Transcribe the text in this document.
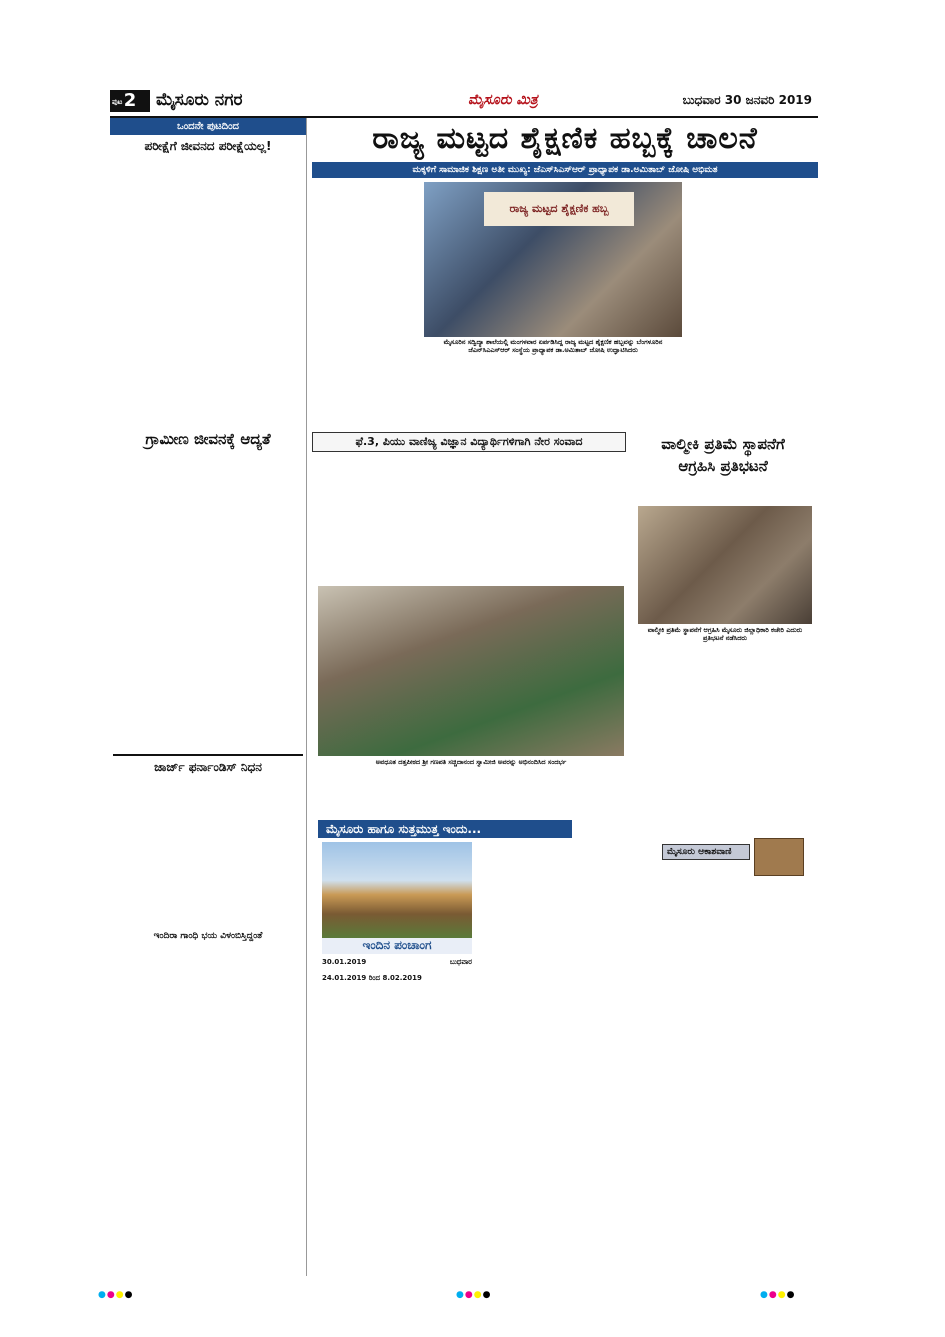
ಪುಟ 2	ಮೈಸೂರು ನಗರ	ಮೈಸೂರು ಮಿತ್ರ	ಬುಧವಾರ 30 ಜನವರಿ 2019
ಒಂದನೇ ಪುಟದಿಂದ
ಪರೀಕ್ಷೆಗೆ ಜೀವನದ ಪರೀಕ್ಷೆಯಲ್ಲ!
ಗ್ರಾಮೀಣ ಜೀವನಕ್ಕೆ ಆದ್ಯತೆ
ಜಾರ್ಜ್ ಫರ್ನಾಂಡಿಸ್ ನಿಧನ
ಇಂದಿರಾ ಗಾಂಧಿ ಭಯ ವಿಳಂಬಿಸ್ತಿದ್ದಂತೆ
ರಾಜ್ಯ ಮಟ್ಟದ ಶೈಕ್ಷಣಿಕ ಹಬ್ಬಕ್ಕೆ ಚಾಲನೆ
ಮಕ್ಕಳಿಗೆ ಸಾಮಾಜಿಕ ಶಿಕ್ಷಣ ಅತೀ ಮುಖ್ಯ: ಜೆಎಸ್‌ಸಿಎಸ್‌ಆರ್ ಪ್ರಾಧ್ಯಾಪಕ ಡಾ.ಅಮಿತಾಬ್ ಜೋಷಿ ಅಭಿಮತ
ರಾಜ್ಯ ಮಟ್ಟದ ಶೈಕ್ಷಣಿಕ ಹಬ್ಬ
ಮೈಸೂರಿನ ಸದ್ವಿದ್ಯಾ ಶಾಲೆಯಲ್ಲಿ ಮಂಗಳವಾರ ಏರ್ಪಡಿಸಿದ್ದ ರಾಜ್ಯ ಮಟ್ಟದ ಶೈಕ್ಷಣಿಕ ಹಬ್ಬವನ್ನು ಬೆಂಗಳೂರಿನ ಜೆಎನ್‌ಸಿಎಎಸ್‌ಆರ್ ಸಂಸ್ಥೆಯ ಪ್ರಾಧ್ಯಾಪಕ ಡಾ.ಅಮಿತಾಬ್ ಜೋಷಿ ಉದ್ಘಾಟಿಸಿದರು
ಫೆ.3, ಪಿಯು ವಾಣಿಜ್ಯ ವಿಜ್ಞಾನ ವಿದ್ಯಾರ್ಥಿಗಳಿಗಾಗಿ ನೇರ ಸಂವಾದ
ಅವಧೂತ ದತ್ತಪೀಠದ ಶ್ರೀ ಗಣಪತಿ ಸಚ್ಚಿದಾನಂದ ಸ್ವಾಮೀಜಿ ಅವರನ್ನು ಅಭಿನಂದಿಸಿದ ಸಂದರ್ಭ
ವಾಲ್ಮೀಕಿ ಪ್ರತಿಮೆ ಸ್ಥಾಪನೆಗೆ
ಆಗ್ರಹಿಸಿ ಪ್ರತಿಭಟನೆ
ವಾಲ್ಮೀಕಿ ಪ್ರತಿಮೆ ಸ್ಥಾಪನೆಗೆ ಆಗ್ರಹಿಸಿ ಮೈಸೂರು ಜಿಲ್ಲಾಧಿಕಾರಿ ಕಚೇರಿ ಎದುರು ಪ್ರತಿಭಟನೆ ನಡೆಸಿದರು
ಮೈಸೂರು ಹಾಗೂ ಸುತ್ತಮುತ್ತ ಇಂದು...
ಇಂದಿನ ಪಂಚಾಂಗ
30.01.2019	ಬುಧವಾರ
24.01.2019 ರಿಂದ 8.02.2019
ಮೈಸೂರು ಆಕಾಶವಾಣಿ
●●●●	●●●●	●●●●
